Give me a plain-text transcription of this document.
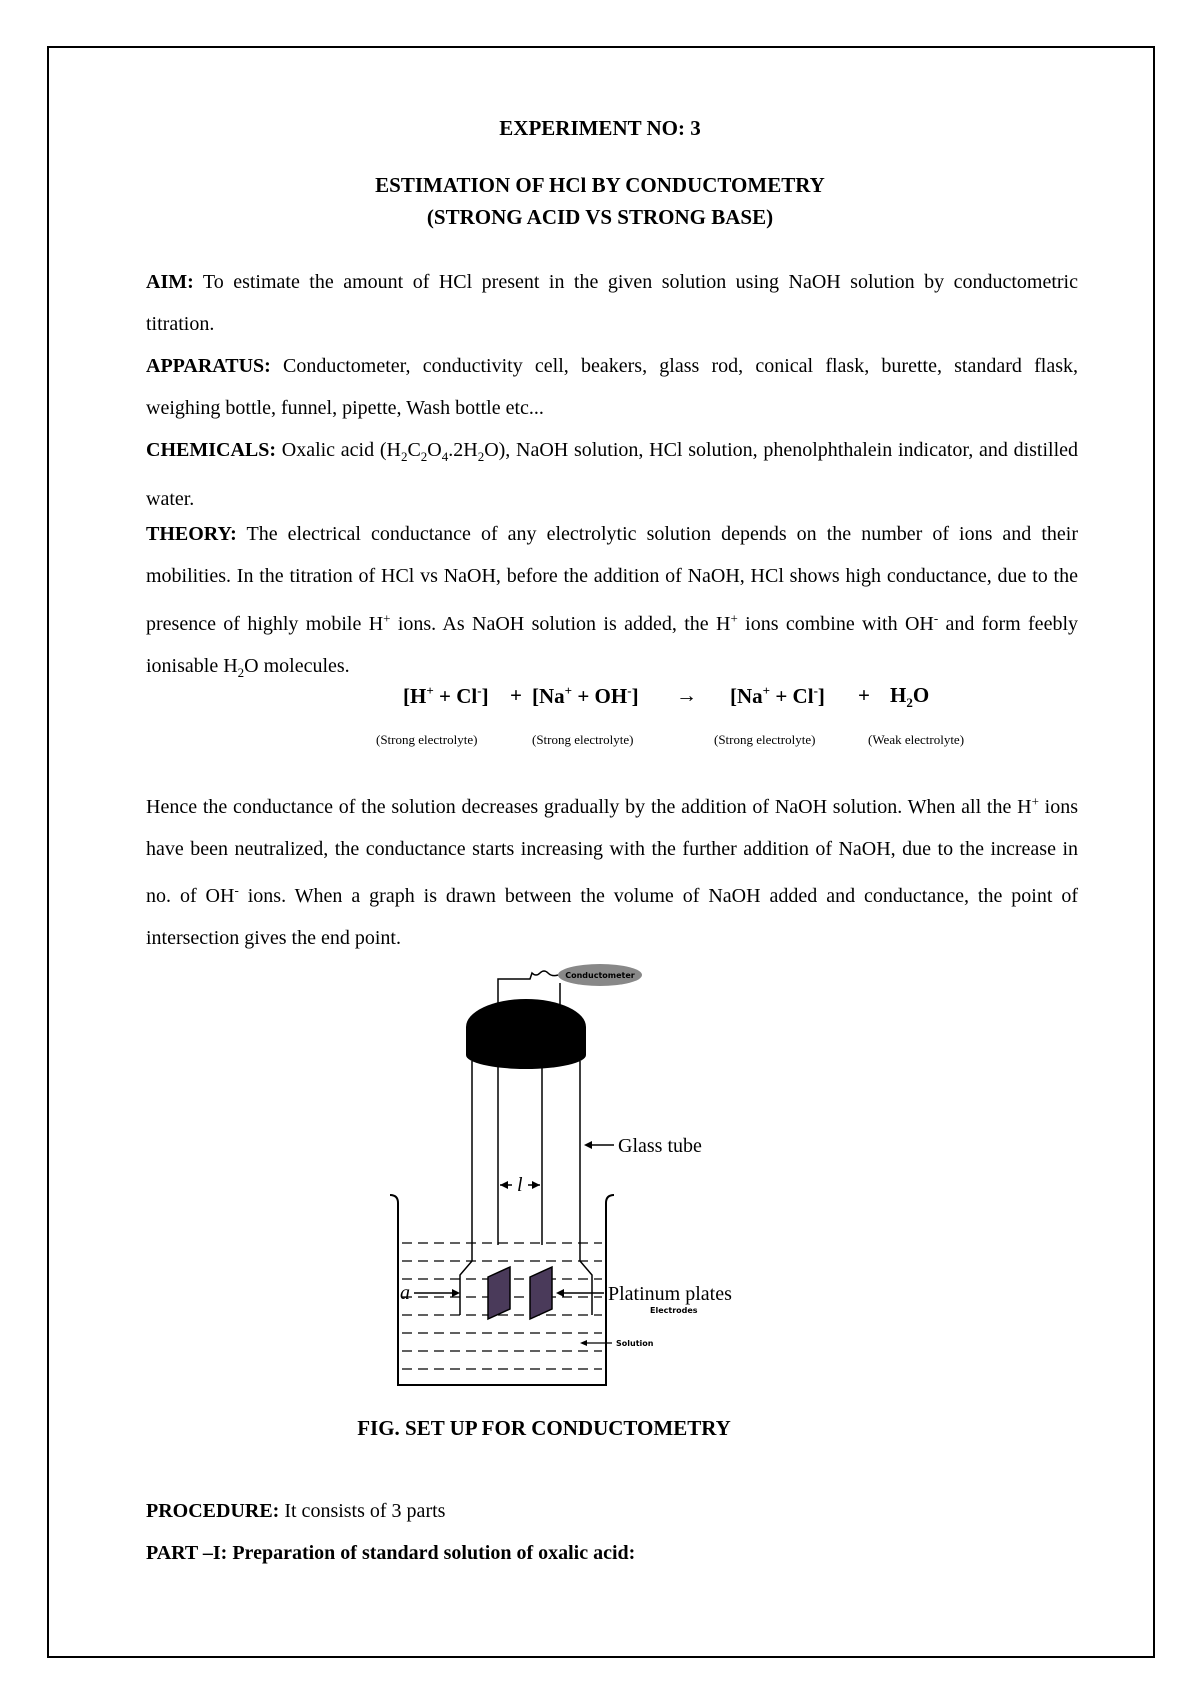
EXPERIMENT NO: 3
ESTIMATION OF HCl BY CONDUCTOMETRY
(STRONG ACID VS STRONG BASE)
AIM: To estimate the amount of HCl present in the given solution using NaOH solution by conductometric titration.
APPARATUS: Conductometer, conductivity cell, beakers, glass rod, conical flask, burette, standard flask, weighing bottle, funnel, pipette, Wash bottle etc...
CHEMICALS: Oxalic acid $(H_2C_2O_4.2H_2O)$, NaOH solution, HCl solution, phenolphthalein indicator, and distilled water.
THEORY: The electrical conductance of any electrolytic solution depends on the number of ions and their mobilities. In the titration of HCl vs NaOH, before the addition of NaOH, HCl shows high conductance, due to the presence of highly mobile H+ ions. As NaOH solution is added, the H+ ions combine with OH- and form feebly ionisable $H_2O$ molecules.
$[H^+ + Cl^-] + [Na^+ + OH^-] \to [Na^+ + Cl^-] + H_2O$
(Strong electrolyte)	(Strong electrolyte)	(Strong electrolyte)	(Weak electrolyte)
Hence the conductance of the solution decreases gradually by the addition of NaOH solution. When all the H+ ions have been neutralized, the conductance starts increasing with the further addition of NaOH, due to the increase in no. of OH- ions. When a graph is drawn between the volume of NaOH added and conductance, the point of intersection gives the end point.
Conductometer
Glass tube
l
a	Platinum plates
Electrodes
Solution
FIG. SET UP FOR CONDUCTOMETRY
PROCEDURE: It consists of 3 parts
PART –I: Preparation of standard solution of oxalic acid:
